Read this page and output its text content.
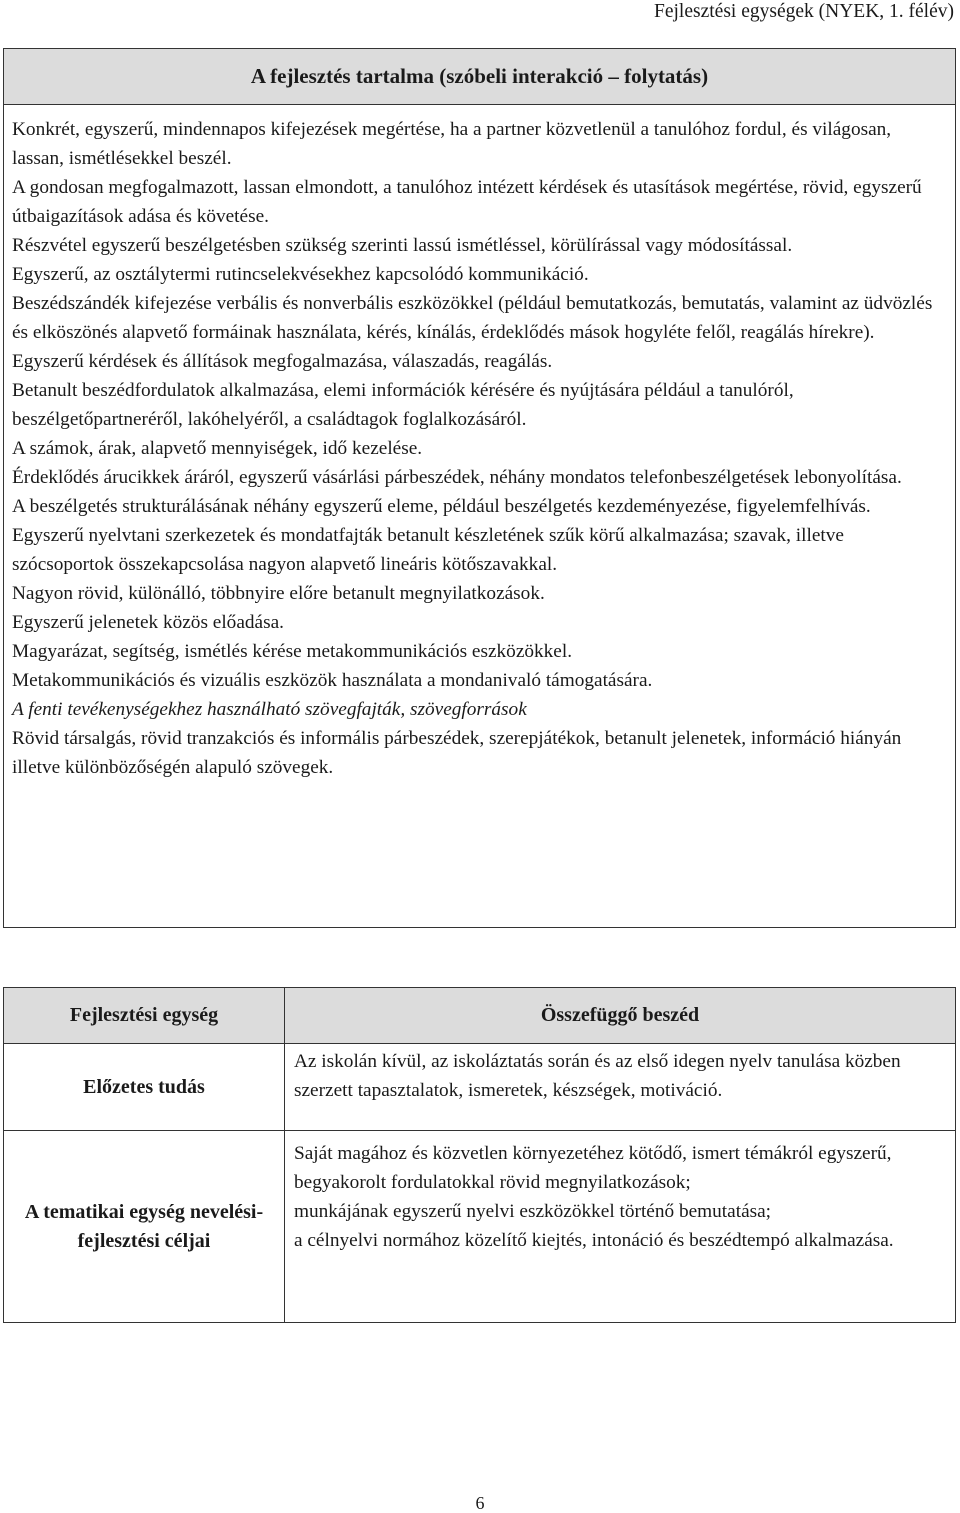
Fejlesztési egységek (NYEK, 1. félév)
A fejlesztés tartalma (szóbeli interakció – folytatás)

Konkrét, egyszerű, mindennapos kifejezések megértése, ha a partner közvetlenül a tanulóhoz fordul, és világosan, lassan, ismétlésekkel beszél.

A gondosan megfogalmazott, lassan elmondott, a tanulóhoz intézett kérdések és utasítások megértése, rövid, egyszerű útbaigazítások adása és követése.

Részvétel egyszerű beszélgetésben szükség szerinti lassú ismétléssel, körülírással vagy módosítással.

Egyszerű, az osztálytermi rutincselekvésekhez kapcsolódó kommunikáció.

Beszédszándék kifejezése verbális és nonverbális eszközökkel (például bemutatkozás, bemutatás, valamint az üdvözlés és elköszönés alapvető formáinak használata, kérés, kínálás, érdeklődés mások hogyléte felől, reagálás hírekre).

Egyszerű kérdések és állítások megfogalmazása, válaszadás, reagálás.

Betanult beszédfordulatok alkalmazása, elemi információk kérésére és nyújtására például a tanulóról, beszélgetőpartneréről, lakóhelyéről, a családtagok foglalkozásáról.

A számok, árak, alapvető mennyiségek, idő kezelése.

Érdeklődés árucikkek áráról, egyszerű vásárlási párbeszédek, néhány mondatos telefonbeszélgetések lebonyolítása.

A beszélgetés strukturálásának néhány egyszerű eleme, például beszélgetés kezdeményezése, figyelemfelhívás.

Egyszerű nyelvtani szerkezetek és mondatfajták betanult készletének szűk körű alkalmazása; szavak, illetve szócsoportok összekapcsolása nagyon alapvető lineáris kötőszavakkal.

Nagyon rövid, különálló, többnyire előre betanult megnyilatkozások.

Egyszerű jelenetek közös előadása.

Magyarázat, segítség, ismétlés kérése metakommunikációs eszközökkel.

Metakommunikációs és vizuális eszközök használata a mondanivaló támogatására.

A fenti tevékenységekhez használható szövegfajták, szövegforrások

Rövid társalgás, rövid tranzakciós és informális párbeszédek, szerepjátékok, betanult jelenetek, információ hiányán illetve különbözőségén alapuló szövegek.

Fejlesztési egység	Összefüggő beszéd
Előzetes tudás

Az iskolán kívül, az iskoláztatás során és az első idegen nyelv tanulása közben szerzett tapasztalatok, ismeretek, készségek, motiváció.

A tematikai egység nevelési-fejlesztési céljai

Saját magához és közvetlen környezetéhez kötődő, ismert témákról egyszerű, begyakorolt fordulatokkal rövid megnyilatkozások;

munkájának egyszerű nyelvi eszközökkel történő bemutatása;

a célnyelvi normához közelítő kiejtés, intonáció és beszédtempó alkalmazása.

6
